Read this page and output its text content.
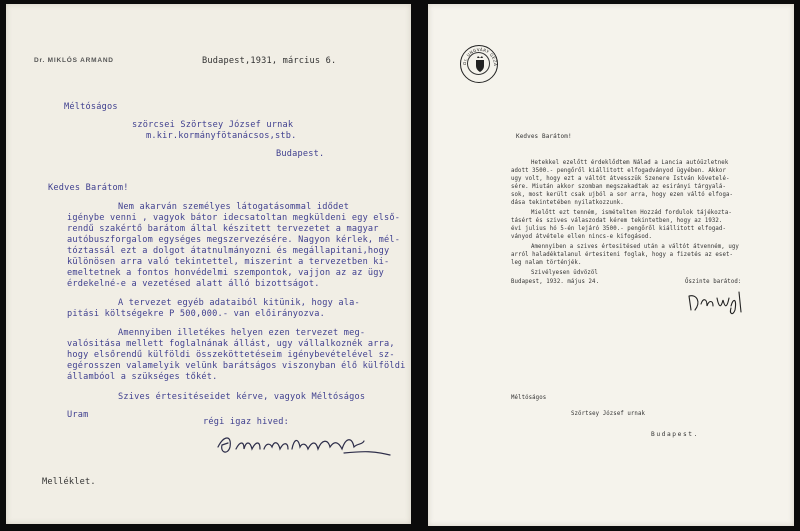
Dr. MIKLÓS ARMAND	Budapest,1931, március 6.
Méltóságos
szörcsei Szörtsey József urnak
m.kir.kormányfötanácsos,stb.
Budapest.
Kedves Barátom!
Nem akarván személyes látogatásommal idődet
igénybe venni , vagyok bátor idecsatoltan megküldeni egy első-
rendű szakértő barátom által készitett tervezetet a magyar
autóbuszforgalom egységes megszervezésére. Nagyon kérlek, mél-
tóztassál ezt a dolgot átatnulmányozni és megállapitani,hogy
különösen arra való tekintettel, miszerint a tervezetben ki-
emeltetnek a fontos honvédelmi szempontok, vajjon az az ügy
érdekelné-e a vezetésed alatt álló bizottságot.
A tervezet egyéb adataiból kitünik, hogy ala-
pitási költségekre P 500,000.- van előirányozva.
Amennyiben illetékes helyen ezen tervezet meg-
valósitása mellett foglalnának állást, ugy vállalkoznék arra,
hogy elsőrendű külföldi összeköttetéseim igénybevételével sz-
egérosszen valamelyik velünk barátságos viszonyban élő külföldi
állambóol a szükséges tőkét.
Szives értesitéseidet kérve, vagyok Méltóságos
Uram
régi igaz hived:
Melléklet.
Dr. UNGVÁRY GÉZA
Kedves Barátom!
Hetekkel ezelőtt érdeklődtem Nálad a Lancia autóüzletnek
adott 3500.- pengőről kiállitott elfogadványod ügyében. Akkor
ugy volt, hogy ezt a váltót átvesszük Szenere István követelé-
sére. Miután akkor szomban megszakadtak az esirányi tárgyalá-
sok, most került csak ujból a sor arra, hogy ezen váltó elfoga-
dása tekintetében nyilatkozzunk.
Mielőtt ezt tenném, ismételten Hozzád fordulok tájékozta-
tásért és szives válaszodat kérem tekintetben, hogy az 1932.
évi julius hó 5-én lejáró 3500.- pengőről kiállitott elfogad-
ványod átvétele ellen nincs-e kifogásod.
Amennyiben a szives értesitésed után a váltót átvenném, ugy
arról haladéktalanul értesiteni foglak, hogy a fizetés az eset-
leg nalam történjék.
Szivélyesen üdvözöl
Budapest, 1932. május 24.	Őszinte barátod:
Méltóságos
Szörtsey József urnak
Budapest.
